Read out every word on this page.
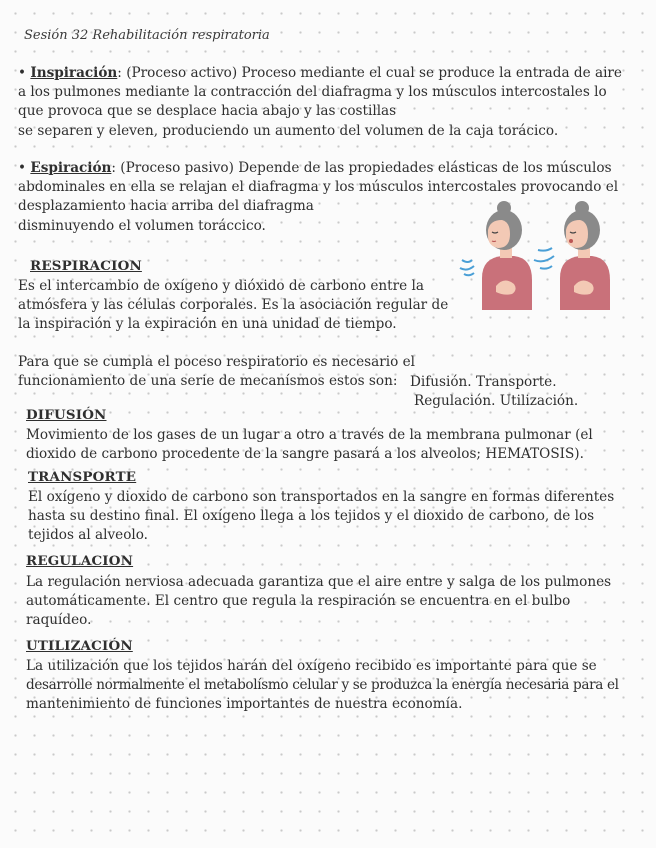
Sesión 32 Rehabilitación respiratoria
• Inspiración: (Proceso activo) Proceso mediante el cual se produce la entrada de aire
a los pulmones mediante la contracción del diafragma y los músculos intercostales lo
que provoca que se desplace hacia abajo y las costillas
se separen y eleven, produciendo un aumento del volumen de la caja torácico.
• Espiración: (Proceso pasivo) Depende de las propiedades elásticas de los músculos
abdominales en ella se relajan el diafragma y los músculos intercostales provocando el
desplazamiento hacia arriba del diafragma
disminuyendo el volumen toráccico.
RESPIRACION
Es el intercambio de oxígeno y dióxido de carbono entre la
atmósfera y las células corporales. Es la asociación regular de
la inspiración y la expiración en una unidad de tiempo.
Para que se cumpla el poceso respiratorio es necesario el
funcionamiento de una serie de mecanísmos estos son: Difusión. Transporte.
Regulación. Utilización.
DIFUSIÓN
Movimiento de los gases de un lugar a otro a través de la membrana pulmonar (el
dioxido de carbono procedente de la sangre pasará a los alveolos; HEMATOSIS).
TRANSPORTE
El oxígeno y dioxido de carbono son transportados en la sangre en formas diferentes
hasta su destino final. El oxígeno llega a los tejidos y el dioxido de carbono, de los
tejidos al alveolo.
REGULACION
La regulación nerviosa adecuada garantiza que el aire entre y salga de los pulmones
automáticamente. El centro que regula la respiración se encuentra en el bulbo
raquídeo.
UTILIZACIÓN
La utilización que los tejidos harán del oxígeno recibido es importante para que se
desarrolle normalmente el metabolísmo celular y se produzca la energía necesaria para el
mantenimiento de funciones importantes de nuestra economía.
